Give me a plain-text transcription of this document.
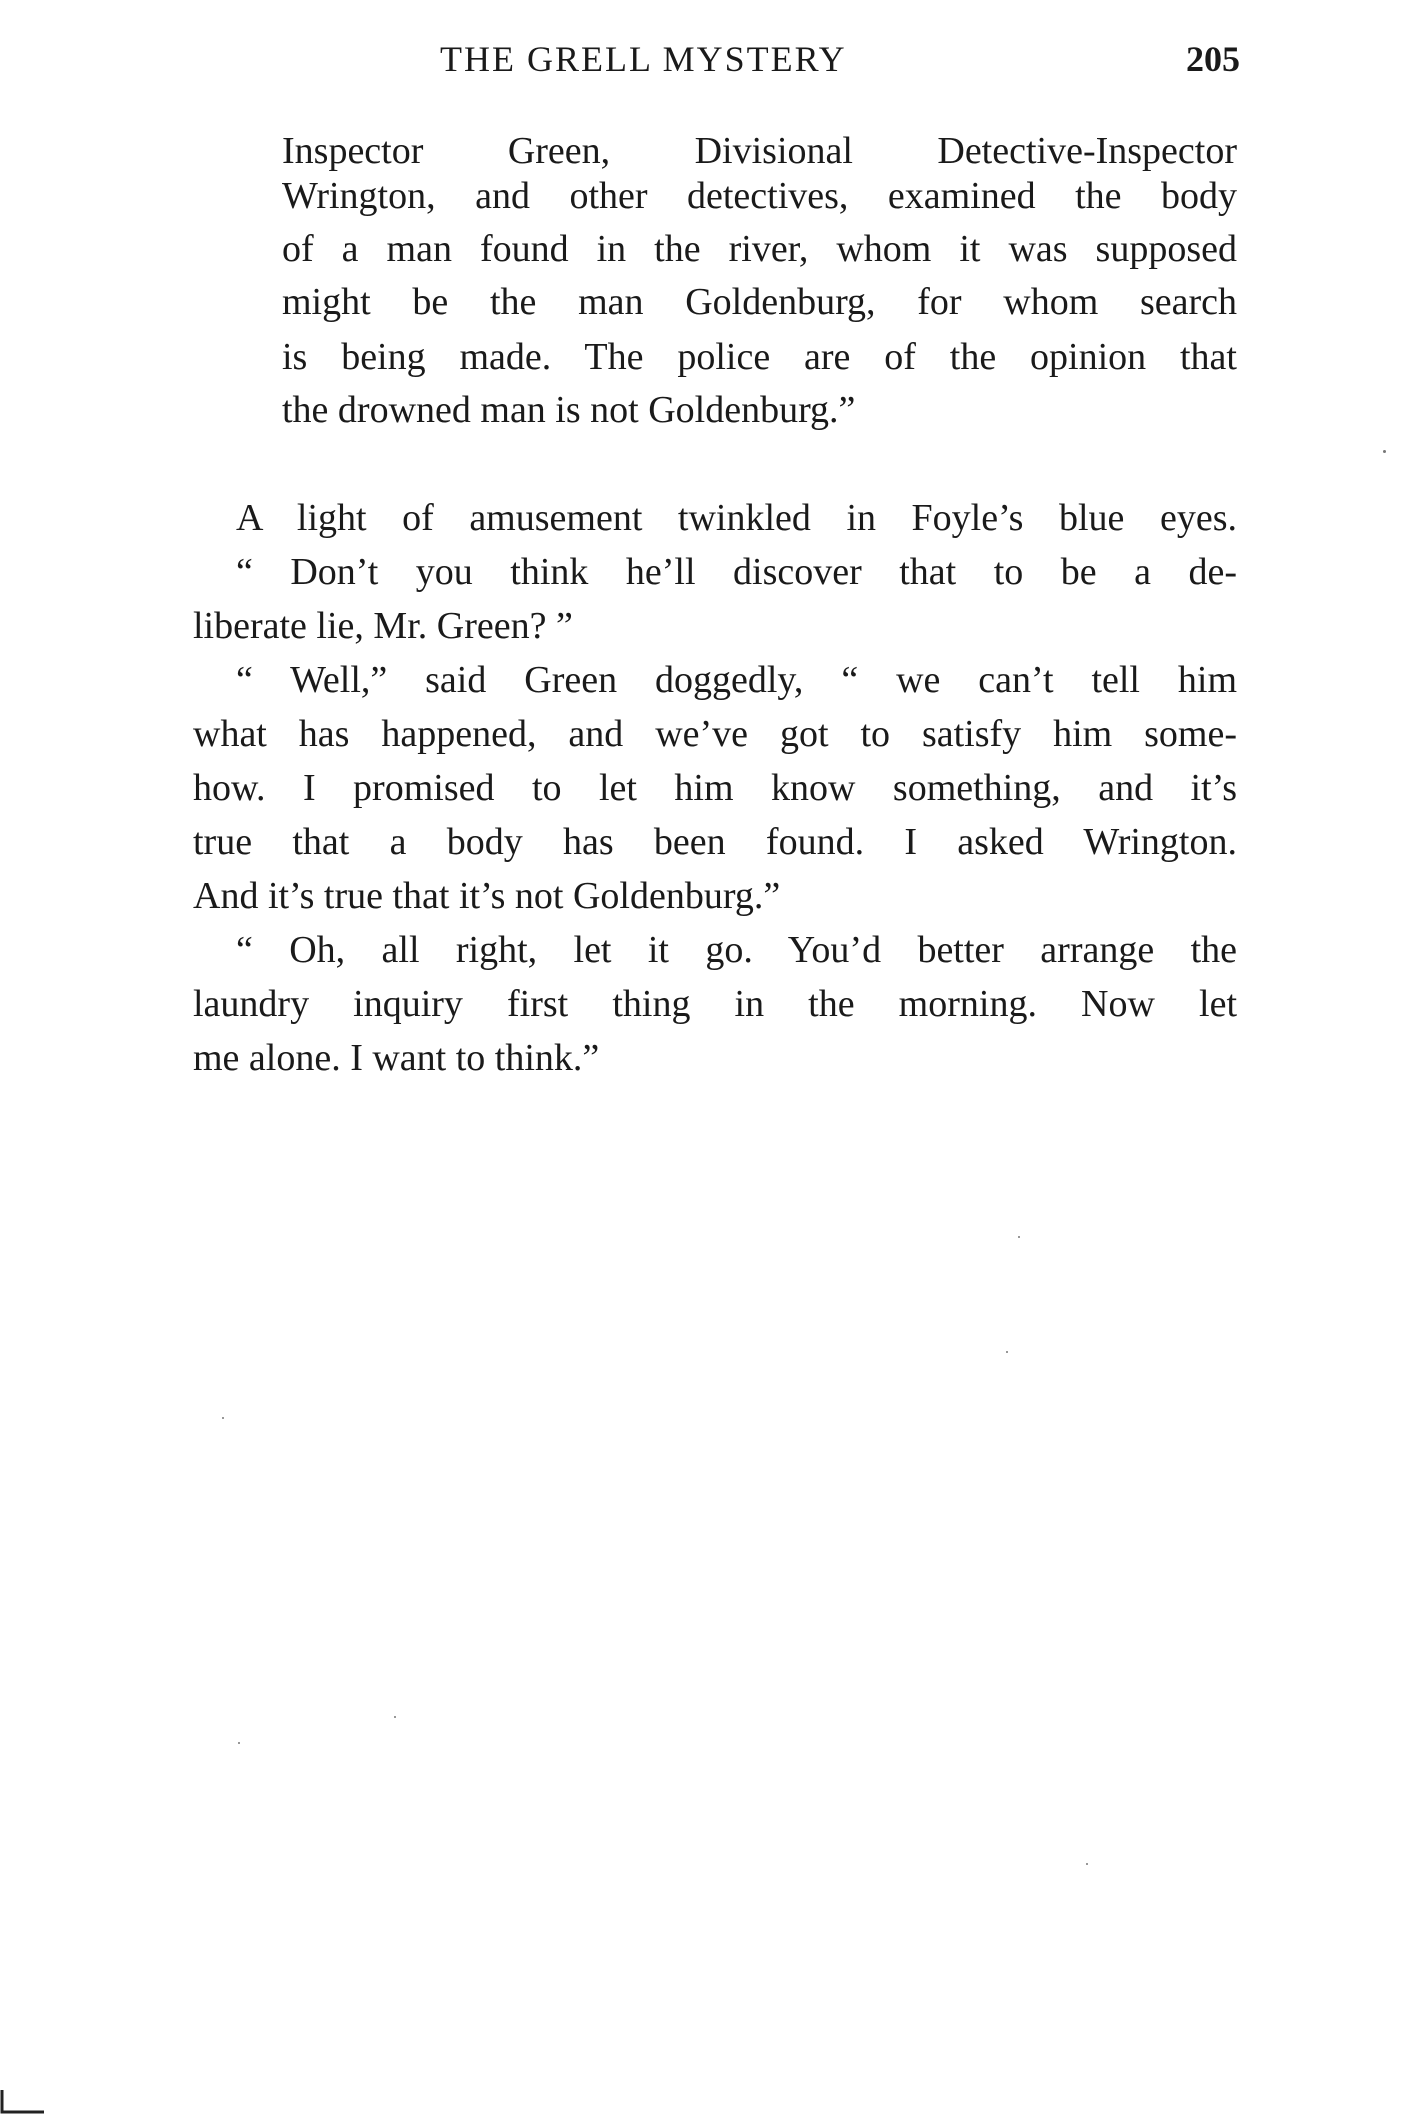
THE GRELL MYSTERY	205
Inspector Green, Divisional Detective-Inspector
Wrington, and other detectives, examined the body
of a man found in the river, whom it was supposed
might be the man Goldenburg, for whom search
is being made. The police are of the opinion that
the drowned man is not Goldenburg.”
A light of amusement twinkled in Foyle’s blue eyes.
“ Don’t you think he’ll discover that to be a de-
liberate lie, Mr. Green? ”
“ Well,” said Green doggedly, “ we can’t tell him
what has happened, and we’ve got to satisfy him some-
how. I promised to let him know something, and it’s
true that a body has been found. I asked Wrington.
And it’s true that it’s not Goldenburg.”
“ Oh, all right, let it go. You’d better arrange the
laundry inquiry first thing in the morning. Now let
me alone. I want to think.”
